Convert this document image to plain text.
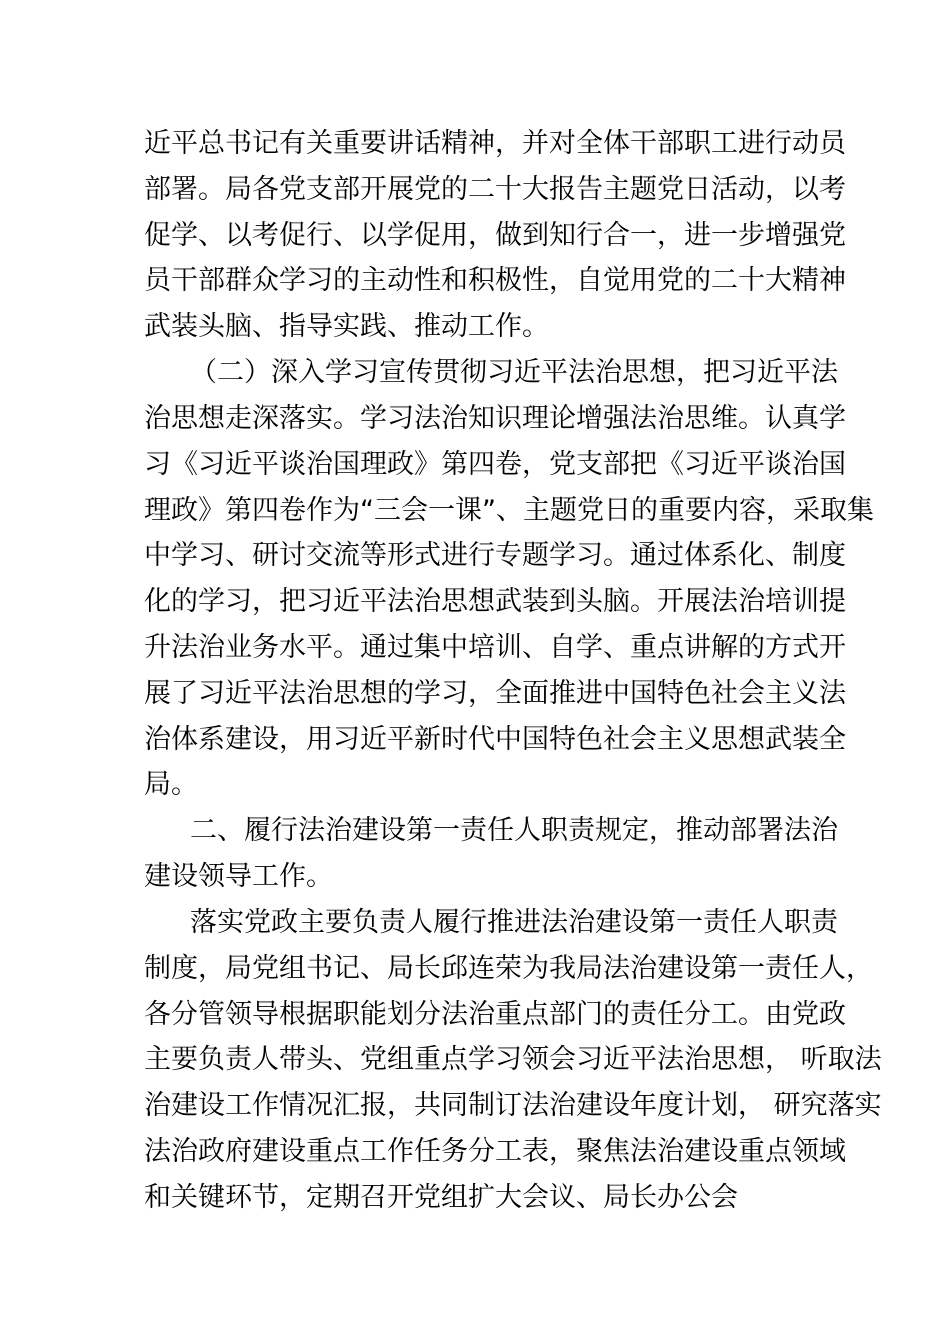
近平总书记有关重要讲话精神，并对全体干部职工进行动员
部署。局各党支部开展党的二十大报告主题党日活动，以考
促学、以考促行、以学促用，做到知行合一，进一步增强党
员干部群众学习的主动性和积极性，自觉用党的二十大精神
武装头脑、指导实践、推动工作。
（二）深入学习宣传贯彻习近平法治思想，把习近平法
治思想走深落实。学习法治知识理论增强法治思维。认真学
习《习近平谈治国理政》第四卷，党支部把《习近平谈治国
理政》第四卷作为“三会一课”、主题党日的重要内容，采取集
中学习、研讨交流等形式进行专题学习。通过体系化、制度
化的学习，把习近平法治思想武装到头脑。开展法治培训提
升法治业务水平。通过集中培训、自学、重点讲解的方式开
展了习近平法治思想的学习，全面推进中国特色社会主义法
治体系建设，用习近平新时代中国特色社会主义思想武装全
局。
二、履行法治建设第一责任人职责规定，推动部署法治
建设领导工作。
落实党政主要负责人履行推进法治建设第一责任人职责
制度，局党组书记、局长邱连荣为我局法治建设第一责任人，
各分管领导根据职能划分法治重点部门的责任分工。由党政
主要负责人带头、党组重点学习领会习近平法治思想， 听取法
治建设工作情况汇报，共同制订法治建设年度计划， 研究落实
法治政府建设重点工作任务分工表，聚焦法治建设重点领域
和关键环节，定期召开党组扩大会议、局长办公会
